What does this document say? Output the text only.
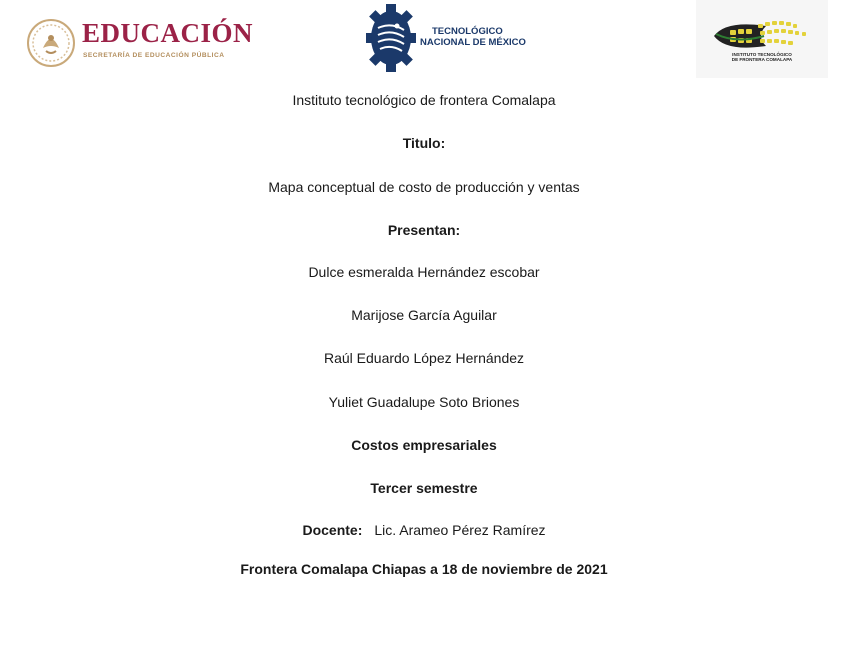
EDUCACIÓN
SECRETARÍA DE EDUCACIÓN PÚBLICA
TECNOLÓGICO
NACIONAL DE MÉXICO
INSTITUTO TECNOLÓGICO
DE FRONTERA COMALAPA
Instituto tecnológico de frontera Comalapa
Titulo:
Mapa conceptual de costo de producción y ventas
Presentan:
Dulce esmeralda Hernández escobar
Marijose García Aguilar
Raúl Eduardo López Hernández
Yuliet Guadalupe Soto Briones
Costos empresariales
Tercer semestre
Docente: Lic. Arameo Pérez Ramírez
Frontera Comalapa Chiapas a 18 de noviembre de 2021
